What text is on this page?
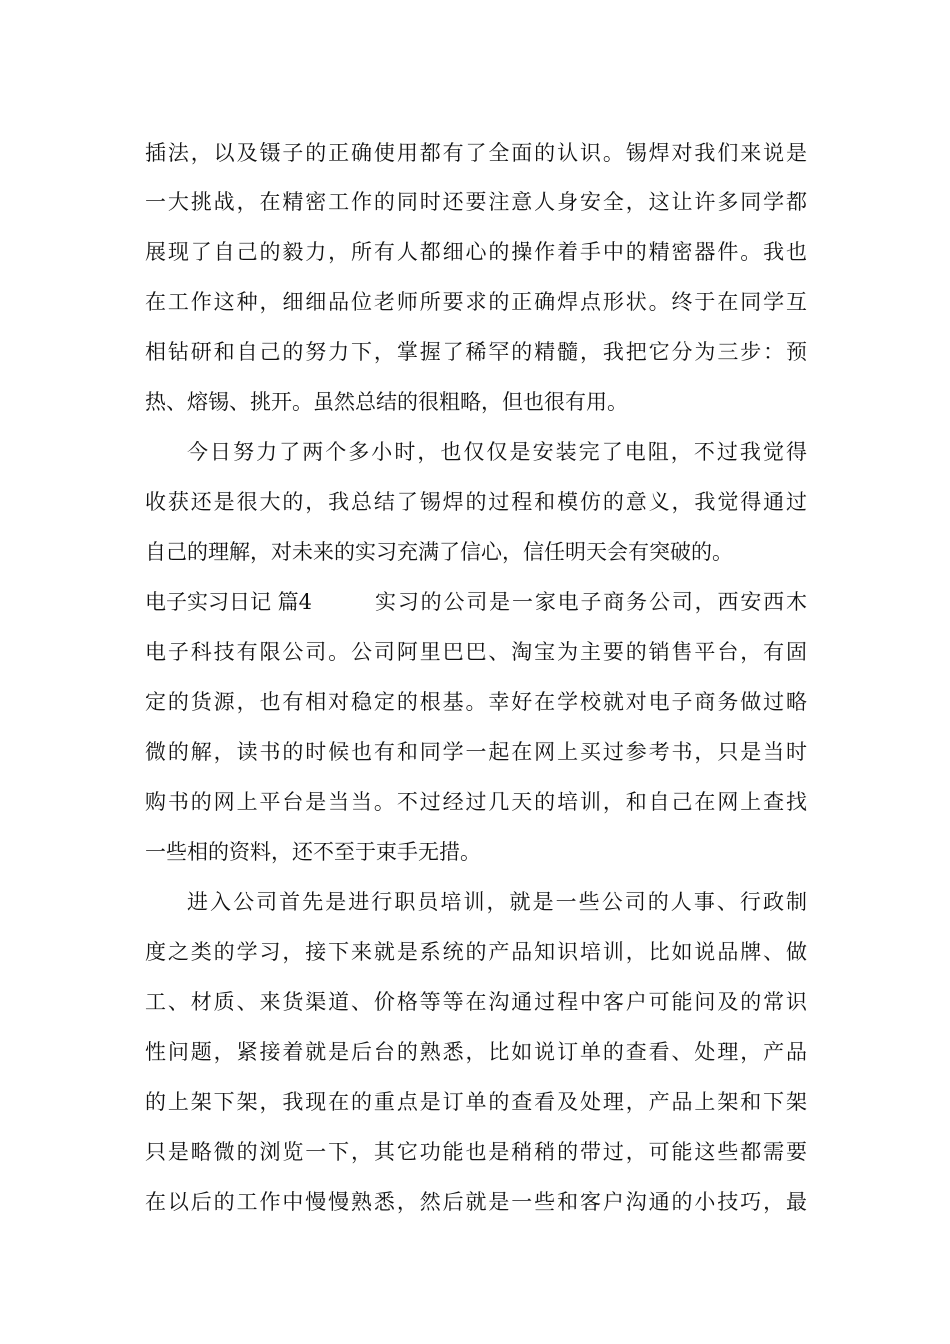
插法，以及镊子的正确使用都有了全面的认识。锡焊对我们来说是
一大挑战，在精密工作的同时还要注意人身安全，这让许多同学都
展现了自己的毅力，所有人都细心的操作着手中的精密器件。我也
在工作这种，细细品位老师所要求的正确焊点形状。终于在同学互
相钻研和自己的努力下，掌握了稀罕的精髓，我把它分为三步：预
热、熔锡、挑开。虽然总结的很粗略，但也很有用。
今日努力了两个多小时，也仅仅是安装完了电阻，不过我觉得
收获还是很大的，我总结了锡焊的过程和模仿的意义，我觉得通过
自己的理解，对未来的实习充满了信心，信任明天会有突破的。
电子实习日记 篇4	实习的公司是一家电子商务公司，西安西木
电子科技有限公司。公司阿里巴巴、淘宝为主要的销售平台，有固
定的货源，也有相对稳定的根基。幸好在学校就对电子商务做过略
微的解，读书的时候也有和同学一起在网上买过参考书，只是当时
购书的网上平台是当当。不过经过几天的培训，和自己在网上查找
一些相的资料，还不至于束手无措。
进入公司首先是进行职员培训，就是一些公司的人事、行政制
度之类的学习，接下来就是系统的产品知识培训，比如说品牌、做
工、材质、来货渠道、价格等等在沟通过程中客户可能问及的常识
性问题，紧接着就是后台的熟悉，比如说订单的查看、处理，产品
的上架下架，我现在的重点是订单的查看及处理，产品上架和下架
只是略微的浏览一下，其它功能也是稍稍的带过，可能这些都需要
在以后的工作中慢慢熟悉，然后就是一些和客户沟通的小技巧，最
